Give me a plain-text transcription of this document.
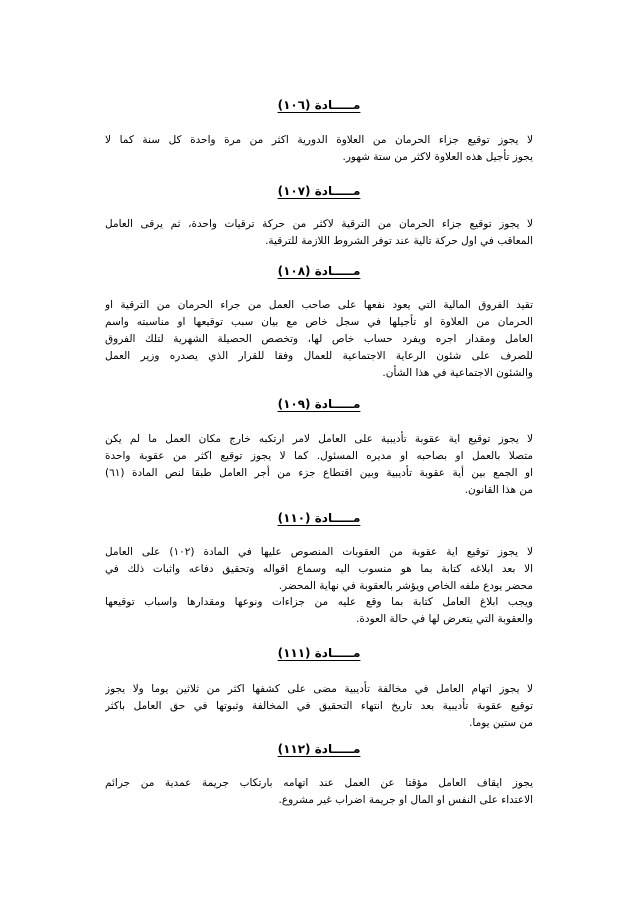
مـــــادة (١٠٦)
لا يجوز توقيع جزاء الحرمان من العلاوة الدورية اكثر من مرة واحدة كل سنة كما لا
يجوز تأجيل هذه العلاوة لاكثر من ستة شهور.
مـــــادة (١٠٧)
لا يجوز توقيع جزاء الحرمان من الترقية لاكثر من حركة ترقيات واحدة، ثم يرقى العامل
المعاقب في اول حركة تالية عند توفر الشروط اللازمة للترقية.
مـــــادة (١٠٨)
تقيد الفروق المالية التي يعود نفعها على صاحب العمل من جراء الحرمان من الترقية او
الحرمان من العلاوة او تأجيلها في سجل خاص مع بيان سبب توقيعها او مناسبته واسم
العامل ومقدار اجره ويفرد حساب خاص لها، وتخصص الحصيلة الشهرية لتلك الفروق
للصرف على شئون الرعاية الاجتماعية للعمال وفقا للقرار الذي يصدره وزير العمل
والشئون الاجتماعية في هذا الشأن.
مـــــادة (١٠٩)
لا يجوز توقيع اية عقوبة تأديبية على العامل لامر ارتكبه خارج مكان العمل ما لم يكن
متصلا بالعمل او بصاحبه او مديره المسئول. كما لا يجوز توقيع اكثر من عقوبة واحدة
او الجمع بين أية عقوبة تأديبية وبين اقتطاع جزء من أجر العامل طبقا لنص المادة (٦١)
من هذا القانون.
مـــــادة (١١٠)
لا يجوز توقيع اية عقوبة من العقوبات المنصوص عليها في المادة (١٠٢) على العامل
الا بعد ابلاغه كتابة بما هو منسوب اليه وسماع اقواله وتحقيق دفاعه واثبات ذلك في
محضر يودع ملفه الخاص ويؤشر بالعقوبة في نهاية المحضر.
ويجب ابلاغ العامل كتابة بما وقع عليه من جزاءات ونوعها ومقدارها واسباب توقيعها
والعقوبة التي يتعرض لها في حالة العودة.
مـــــادة (١١١)
لا يجوز اتهام العامل في مخالفة تأديبية مضى على كشفها اكثر من ثلاثين يوما ولا يجوز
توقيع عقوبة تأديبية بعد تاريخ انتهاء التحقيق في المخالفة وثبوتها في حق العامل باكثر
من ستين يوما.
مـــــادة (١١٢)
يجوز ايقاف العامل مؤقتا عن العمل عند اتهامه بارتكاب جريمة عمدية من جرائم
الاعتداء على النفس او المال او جريمة اضراب غير مشروع.
